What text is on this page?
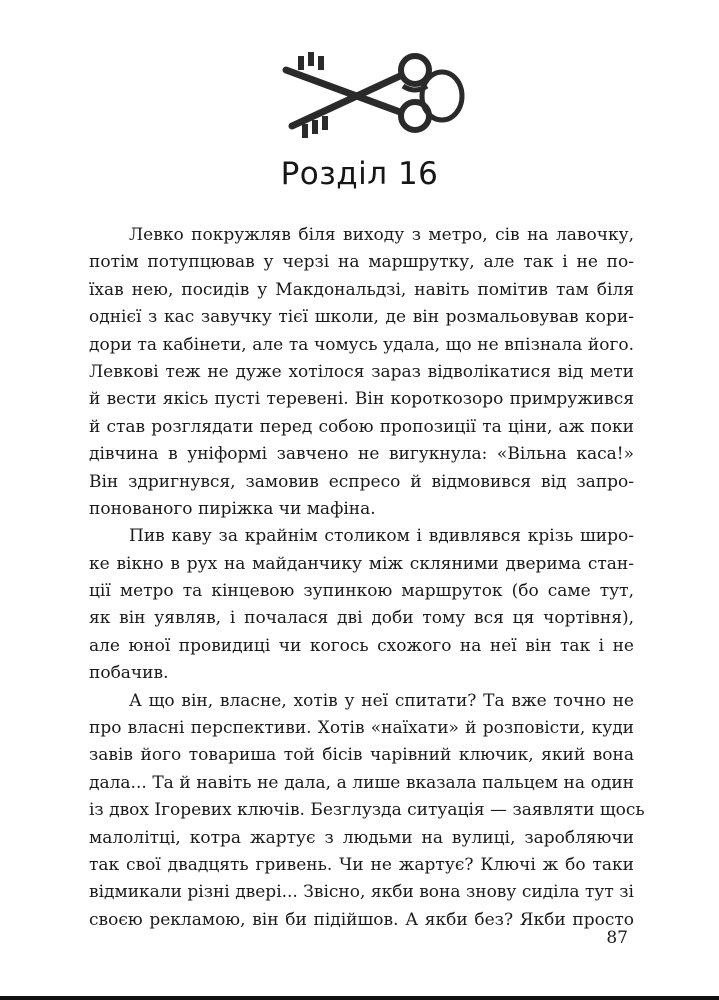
Розділ 16
Левко покружляв біля виходу з метро, сів на лавочку,
потім потупцював у черзі на маршрутку, але так і не по-
їхав нею, посидів у Макдональдзі, навіть помітив там біля
однієї з кас завучку тієї школи, де він розмальовував кори-
дори та кабінети, але та чомусь удала, що не впізнала його.
Левкові теж не дуже хотілося зараз відволікатися від мети
й вести якісь пусті теревені. Він короткозоро примружився
й став розглядати перед собою пропозиції та ціни, аж поки
дівчина в уніформі завчено не вигукнула: «Вільна каса!»
Він здригнувся, замовив еспресо й відмовився від запро-
понованого пиріжка чи мафіна.
Пив каву за крайнім столиком і вдивлявся крізь широ-
ке вікно в рух на майданчику між скляними дверима стан-
ції метро та кінцевою зупинкою маршруток (бо саме тут,
як він уявляв, і почалася дві доби тому вся ця чортівня),
але юної провидиці чи когось схожого на неї він так і не
побачив.
А що він, власне, хотів у неї спитати? Та вже точно не
про власні перспективи. Хотів «наїхати» й розповісти, куди
завів його товариша той бісів чарівний ключик, який вона
дала... Та й навіть не дала, а лише вказала пальцем на один
із двох Ігоревих ключів. Безглузда ситуація — заявляти щось
малолітці, котра жартує з людьми на вулиці, заробляючи
так свої двадцять гривень. Чи не жартує? Ключі ж бо таки
відмикали різні двері... Звісно, якби вона знову сиділа тут зі
своєю рекламою, він би підійшов. А якби без? Якби просто
87
